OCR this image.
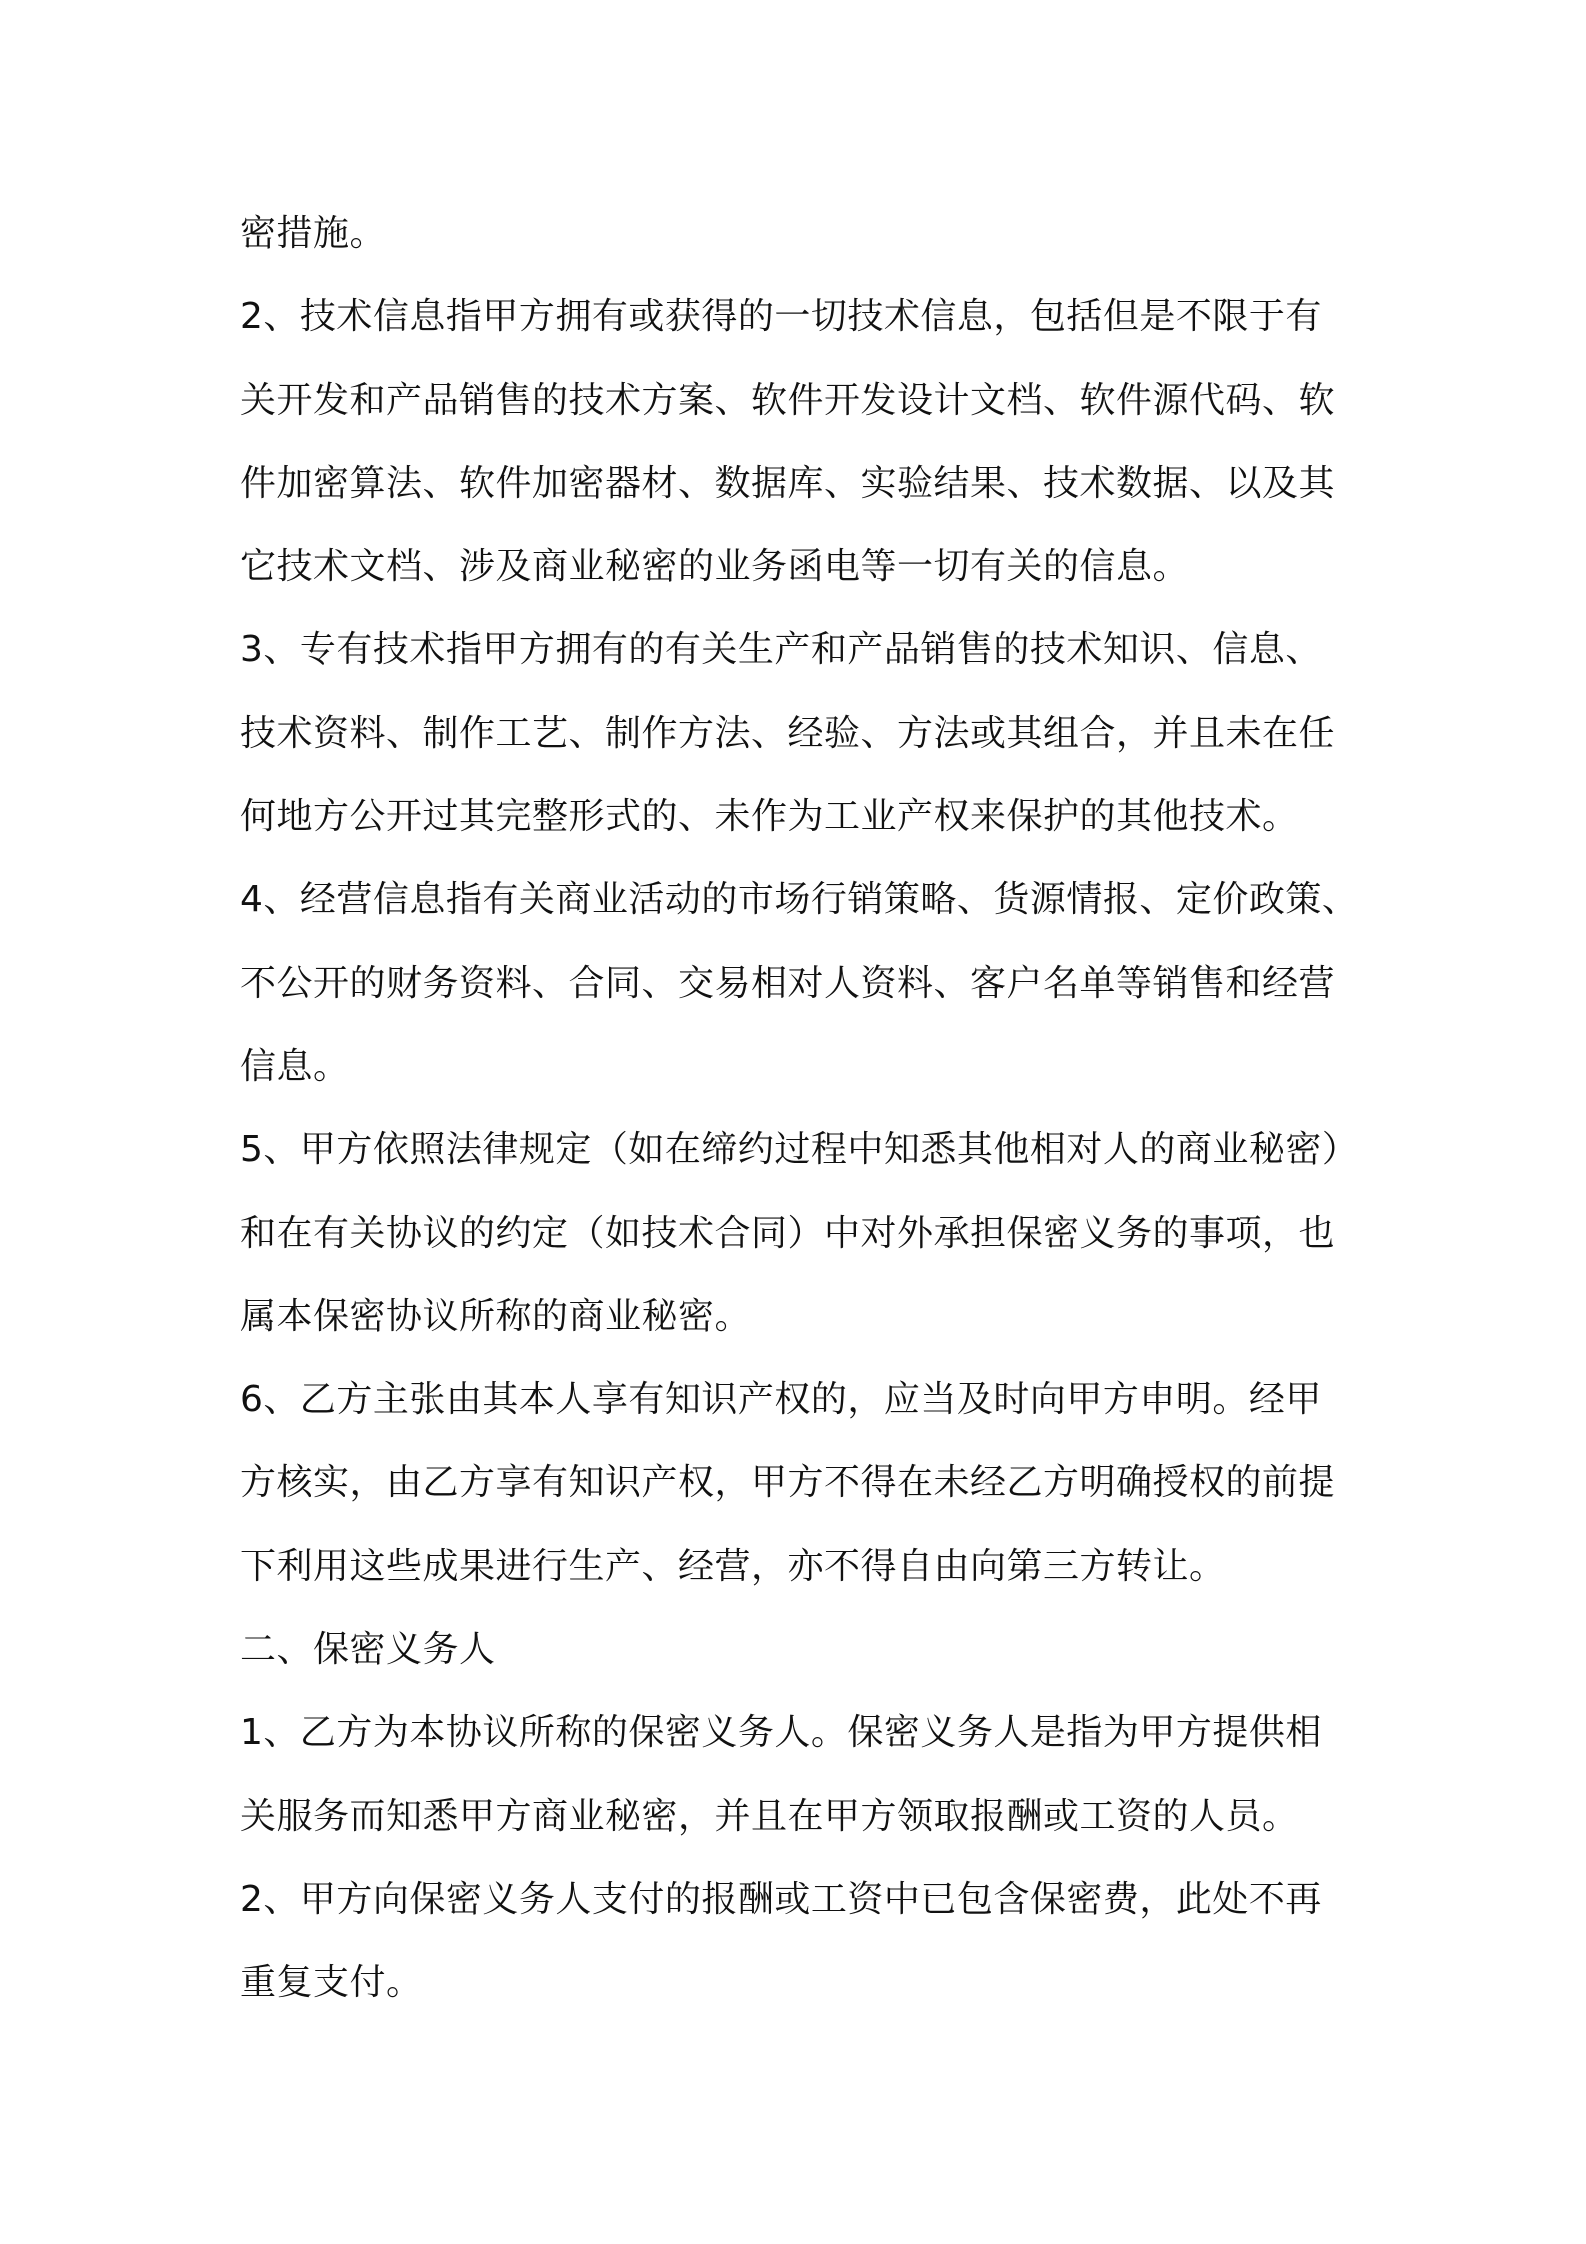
密措施。
2、技术信息指甲方拥有或获得的一切技术信息，包括但是不限于有
关开发和产品销售的技术方案、软件开发设计文档、软件源代码、软
件加密算法、软件加密器材、数据库、实验结果、技术数据、以及其
它技术文档、涉及商业秘密的业务函电等一切有关的信息。
3、专有技术指甲方拥有的有关生产和产品销售的技术知识、信息、
技术资料、制作工艺、制作方法、经验、方法或其组合，并且未在任
何地方公开过其完整形式的、未作为工业产权来保护的其他技术。
4、经营信息指有关商业活动的市场行销策略、货源情报、定价政策、
不公开的财务资料、合同、交易相对人资料、客户名单等销售和经营
信息。
5、甲方依照法律规定（如在缔约过程中知悉其他相对人的商业秘密）
和在有关协议的约定（如技术合同）中对外承担保密义务的事项，也
属本保密协议所称的商业秘密。
6、乙方主张由其本人享有知识产权的，应当及时向甲方申明。经甲
方核实，由乙方享有知识产权，甲方不得在未经乙方明确授权的前提
下利用这些成果进行生产、经营，亦不得自由向第三方转让。
二、保密义务人
1、乙方为本协议所称的保密义务人。保密义务人是指为甲方提供相
关服务而知悉甲方商业秘密，并且在甲方领取报酬或工资的人员。
2、甲方向保密义务人支付的报酬或工资中已包含保密费，此处不再
重复支付。
